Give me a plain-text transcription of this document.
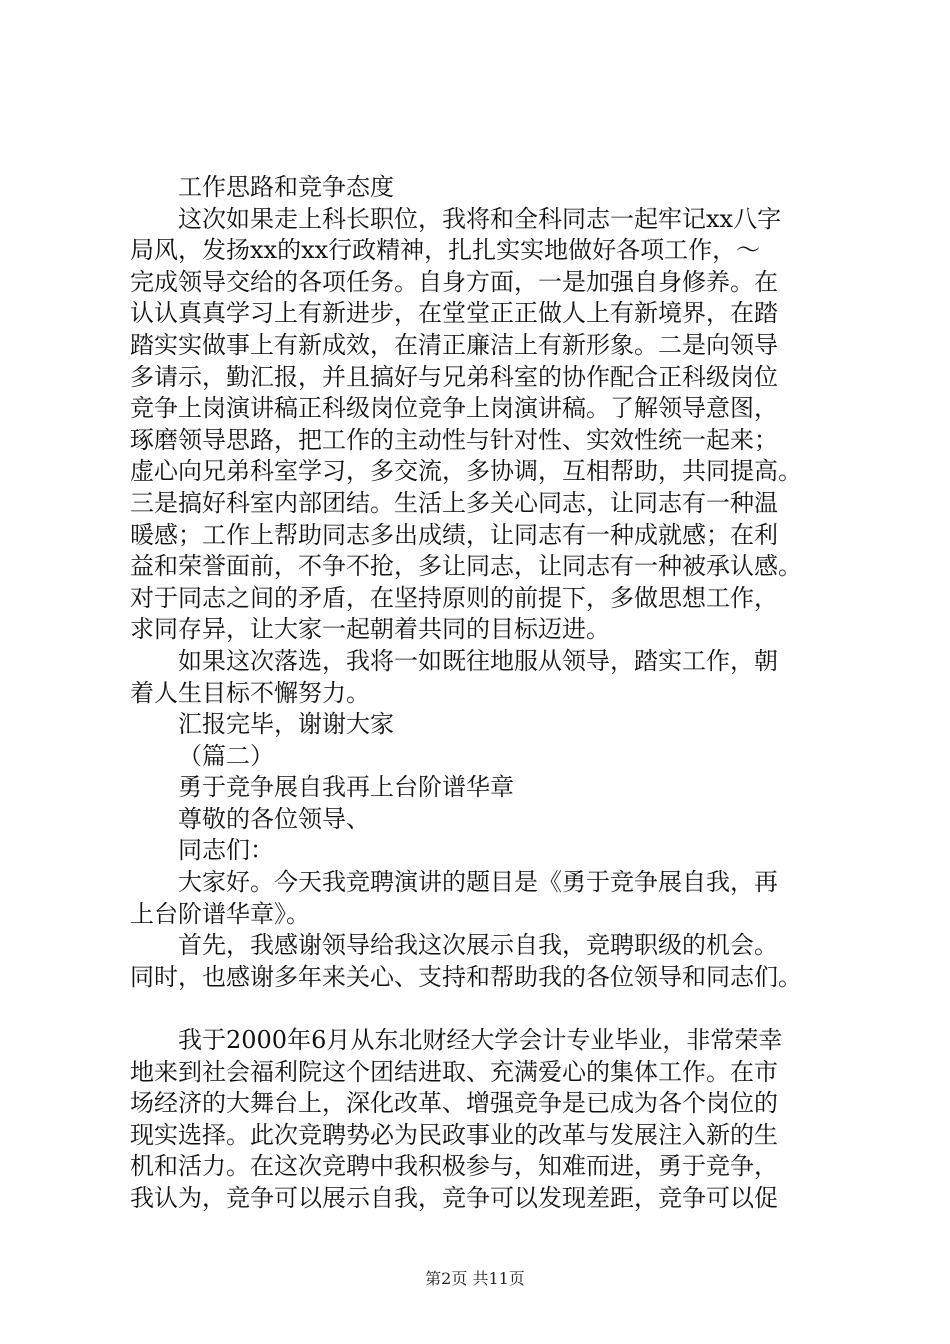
工作思路和竞争态度
这次如果走上科长职位，我将和全科同志一起牢记xx八字
局风，发扬xx的xx行政精神，扎扎实实地做好各项工作，～
完成领导交给的各项任务。自身方面，一是加强自身修养。在
认认真真学习上有新进步，在堂堂正正做人上有新境界，在踏
踏实实做事上有新成效，在清正廉洁上有新形象。二是向领导
多请示，勤汇报，并且搞好与兄弟科室的协作配合正科级岗位
竞争上岗演讲稿正科级岗位竞争上岗演讲稿。了解领导意图，
琢磨领导思路，把工作的主动性与针对性、实效性统一起来；
虚心向兄弟科室学习，多交流，多协调，互相帮助，共同提高。
三是搞好科室内部团结。生活上多关心同志，让同志有一种温
暖感；工作上帮助同志多出成绩，让同志有一种成就感；在利
益和荣誉面前，不争不抢，多让同志，让同志有一种被承认感。
对于同志之间的矛盾，在坚持原则的前提下，多做思想工作，
求同存异，让大家一起朝着共同的目标迈进。
如果这次落选，我将一如既往地服从领导，踏实工作，朝
着人生目标不懈努力。
汇报完毕，谢谢大家
（篇二）
勇于竞争展自我再上台阶谱华章
尊敬的各位领导、
同志们：
大家好。今天我竞聘演讲的题目是《勇于竞争展自我，再
上台阶谱华章》。
首先，我感谢领导给我这次展示自我，竞聘职级的机会。
同时，也感谢多年来关心、支持和帮助我的各位领导和同志们。
我于2000年6月从东北财经大学会计专业毕业，非常荣幸
地来到社会福利院这个团结进取、充满爱心的集体工作。在市
场经济的大舞台上，深化改革、增强竞争是已成为各个岗位的
现实选择。此次竞聘势必为民政事业的改革与发展注入新的生
机和活力。在这次竞聘中我积极参与，知难而进，勇于竞争，
我认为，竞争可以展示自我，竞争可以发现差距，竞争可以促
第2页 共11页
